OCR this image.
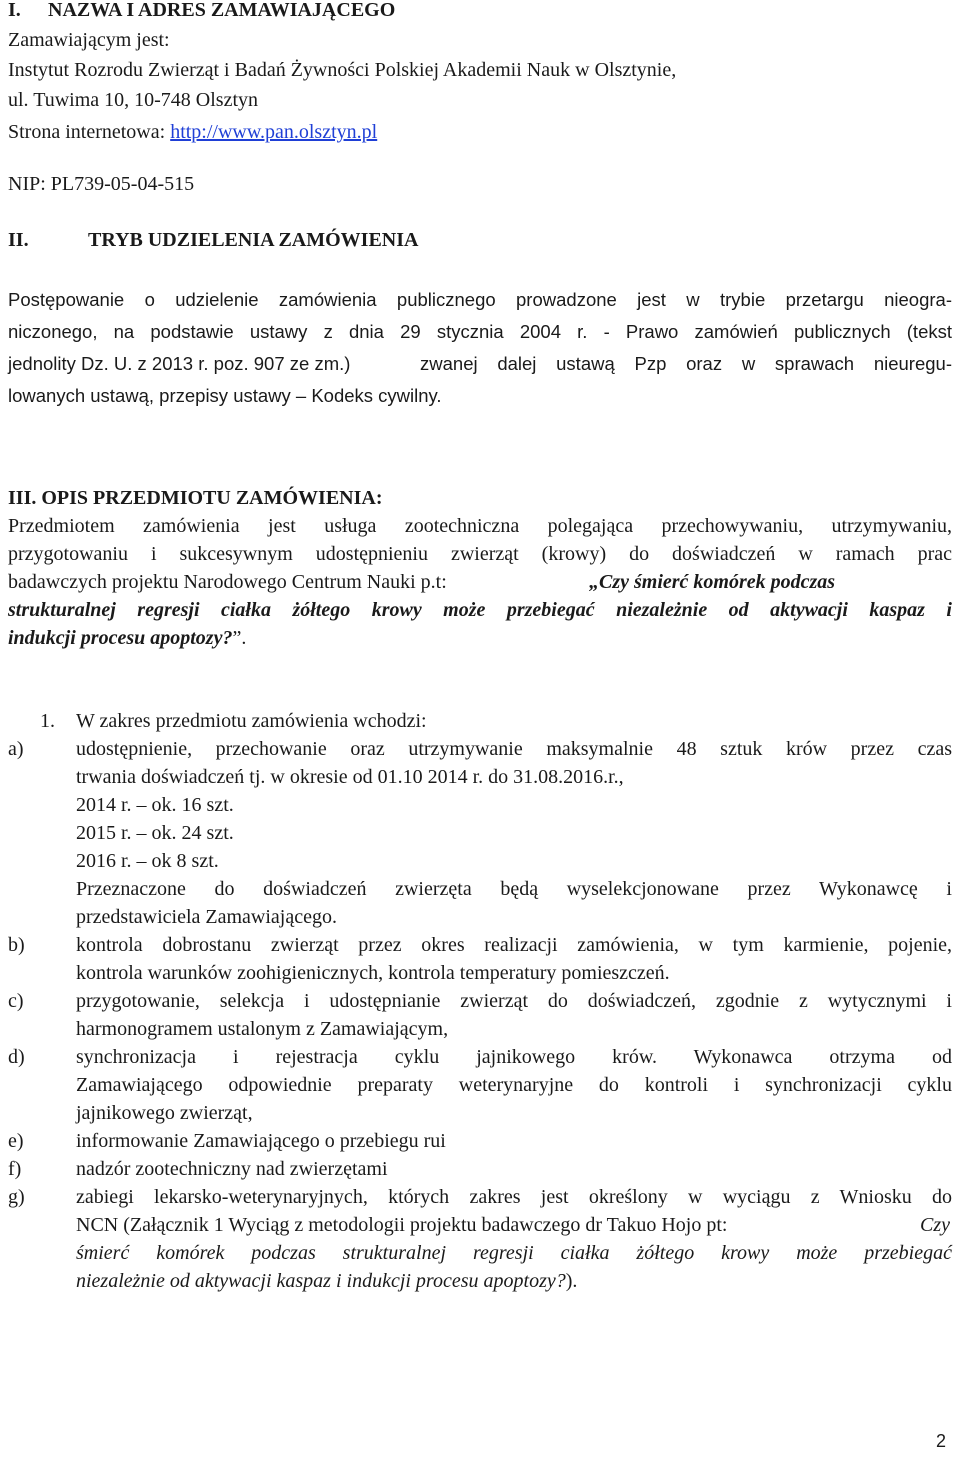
I. NAZWA I ADRES ZAMAWIAJĄCEGO
Zamawiającym jest:
Instytut Rozrodu Zwierząt i Badań Żywności Polskiej Akademii Nauk w Olsztynie,
ul. Tuwima 10, 10-748 Olsztyn
Strona internetowa: http://www.pan.olsztyn.pl
NIP: PL739-05-04-515
II.	TRYB UDZIELENIA ZAMÓWIENIA
Postępowanie o udzielenie zamówienia publicznego prowadzone jest w trybie przetargu nieogra-
niczonego, na podstawie ustawy z dnia 29 stycznia 2004 r. - Prawo zamówień publicznych (tekst
jednolity Dz. U. z 2013 r. poz. 907 ze zm.)	zwanej dalej ustawą Pzp oraz w sprawach nieuregu-
lowanych ustawą, przepisy ustawy – Kodeks cywilny.
III. OPIS PRZEDMIOTU ZAMÓWIENIA:
Przedmiotem zamówienia jest usługa zootechniczna polegająca przechowywaniu, utrzymywaniu,
przygotowaniu i sukcesywnym udostępnieniu zwierząt (krowy) do doświadczeń w ramach prac
badawczych projektu Narodowego Centrum Nauki p.t:	„Czy śmierć komórek podczas
strukturalnej regresji ciałka żółtego krowy może przebiegać niezależnie od aktywacji kaspaz i
indukcji procesu apoptozy?”.
1. W zakres przedmiotu zamówienia wchodzi:
a)	udostępnienie, przechowanie oraz utrzymywanie maksymalnie 48 sztuk krów przez czas
trwania doświadczeń tj. w okresie od 01.10 2014 r. do 31.08.2016.r.,
2014 r. – ok. 16 szt.
2015 r. – ok. 24 szt.
2016 r. – ok 8 szt.
Przeznaczone do doświadczeń zwierzęta będą wyselekcjonowane przez Wykonawcę i
przedstawiciela Zamawiającego.
b)	kontrola dobrostanu zwierząt przez okres realizacji zamówienia, w tym karmienie, pojenie,
kontrola warunków zoohigienicznych, kontrola temperatury pomieszczeń.
c)	przygotowanie, selekcja i udostępnianie zwierząt do doświadczeń, zgodnie z wytycznymi i
harmonogramem ustalonym z Zamawiającym,
d)	synchronizacja i rejestracja cyklu jajnikowego krów. Wykonawca otrzyma od
Zamawiającego odpowiednie preparaty weterynaryjne do kontroli i synchronizacji cyklu
jajnikowego zwierząt,
e)	informowanie Zamawiającego o przebiegu rui
f)	nadzór zootechniczny nad zwierzętami
g)	zabiegi lekarsko-weterynaryjnych, których zakres jest określony w wyciągu z Wniosku do
NCN (Załącznik 1 Wyciąg z metodologii projektu badawczego dr Takuo Hojo pt:	Czy
śmierć komórek podczas strukturalnej regresji ciałka żółtego krowy może przebiegać
niezależnie od aktywacji kaspaz i indukcji procesu apoptozy?).
2
